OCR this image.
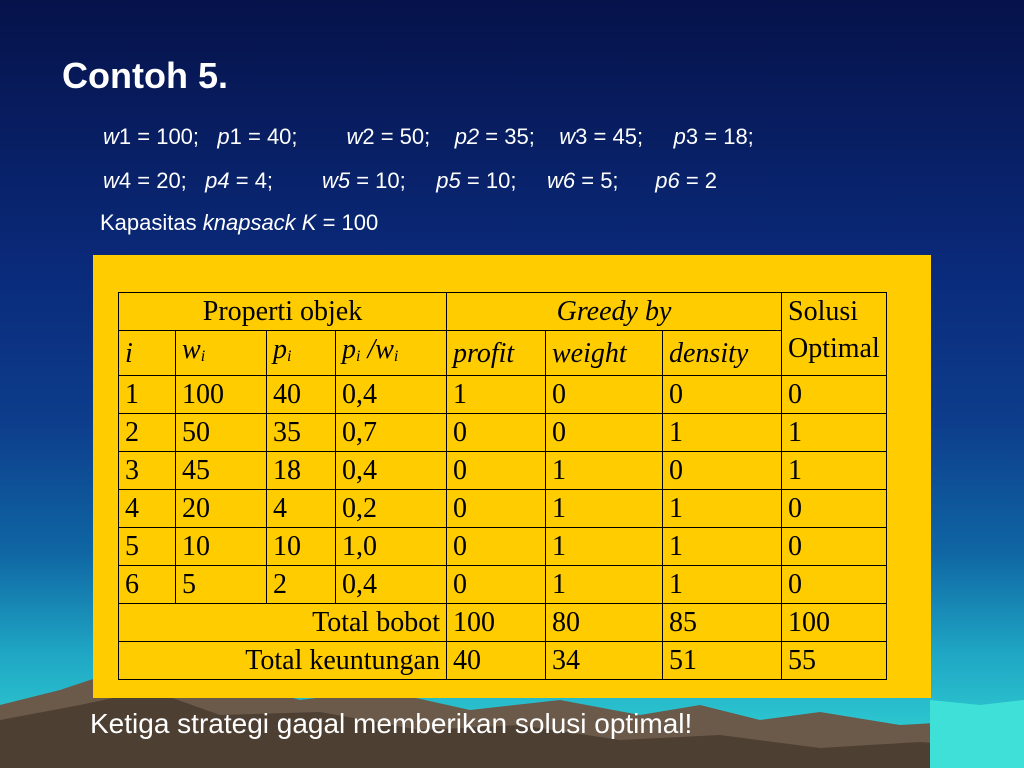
Contoh 5.
w1 = 100; p1 = 40; w2 = 50; p2 = 35; w3 = 45; p3 = 18;
w4 = 20; p4 = 4; w5 = 10; p5 = 10; w6 = 5; p6 = 2
Kapasitas knapsack K = 100
Properti objek				Greedy by			Solusi
Optimal
i	$w_i$	$p_i$	$p_i$ $/w_i$	profit	weight	density	
1	100	40	0,4	1	0	0	0
2	50	35	0,7	0	0	1	1
3	45	18	0,4	0	1	0	1
4	20	4	0,2	0	1	1	0
5	10	10	1,0	0	1	1	0
6	5	2	0,4	0	1	1	0
Total bobot				100	80	85	100
Total keuntungan				40	34	51	55
Ketiga strategi gagal memberikan solusi optimal!
